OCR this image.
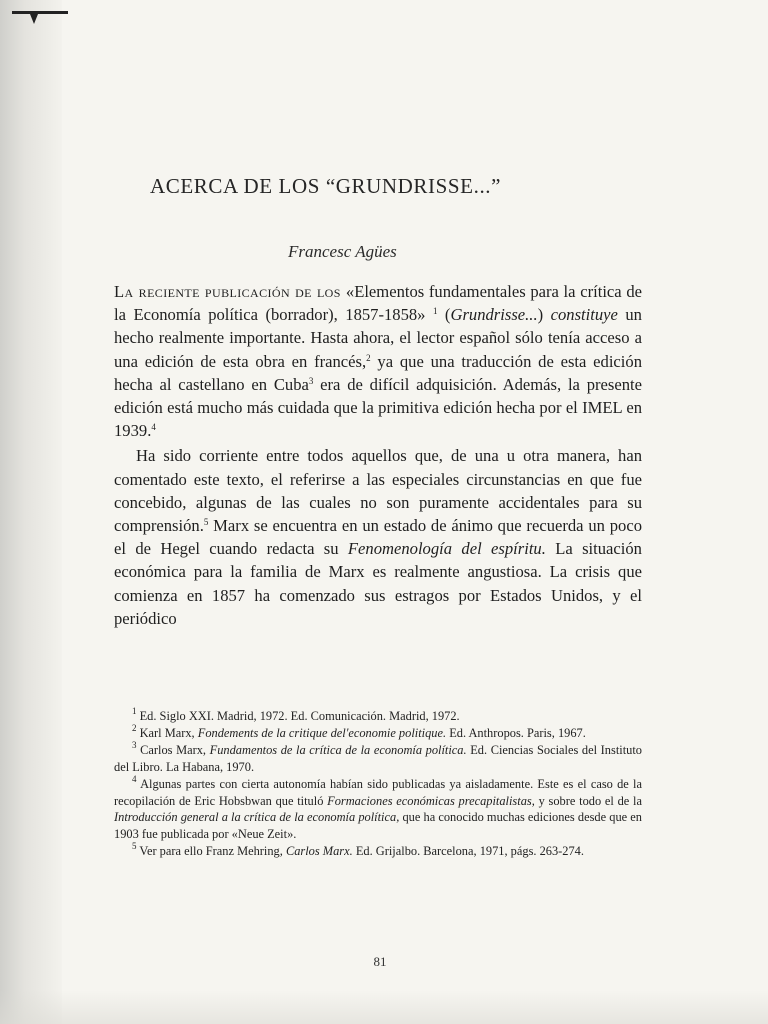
ACERCA DE LOS “GRUNDRISSE...”
Francesc Agües

La reciente publicación de los «Elementos fundamentales para la crítica de la Economía política (borrador), 1857-1858» $^1$ (Grundrisse...) constituye un hecho realmente importante. Hasta ahora, el lector español sólo tenía acceso a una edición de esta obra en francés,$^2$ ya que una traducción de esta edición hecha al castellano en Cuba$^3$ era de difícil adquisición. Además, la presente edición está mucho más cuidada que la primitiva edición hecha por el IMEL en 1939.$^4$

Ha sido corriente entre todos aquellos que, de una u otra manera, han comentado este texto, el referirse a las especiales circunstancias en que fue concebido, algunas de las cuales no son puramente accidentales para su comprensión.$^5$ Marx se encuentra en un estado de ánimo que recuerda un poco el de Hegel cuando redacta su Fenomenología del espíritu. La situación económica para la familia de Marx es realmente angustiosa. La crisis que comienza en 1857 ha comenzado sus estragos por Estados Unidos, y el periódico

$^1$ Ed. Siglo XXI. Madrid, 1972. Ed. Comunicación. Madrid, 1972.

$^2$ Karl Marx, Fondements de la critique del'economie politique. Ed. Anthropos. Paris, 1967.

$^3$ Carlos Marx, Fundamentos de la crítica de la economía política. Ed. Ciencias Sociales del Instituto del Libro. La Habana, 1970.

$^4$ Algunas partes con cierta autonomía habían sido publicadas ya aisladamente. Este es el caso de la recopilación de Eric Hobsbwan que tituló Formaciones económicas precapitalistas, y sobre todo el de la Introducción general a la crítica de la economía política, que ha conocido muchas ediciones desde que en 1903 fue publicada por «Neue Zeit».

$^5$ Ver para ello Franz Mehring, Carlos Marx. Ed. Grijalbo. Barcelona, 1971, págs. 263-274.

81
